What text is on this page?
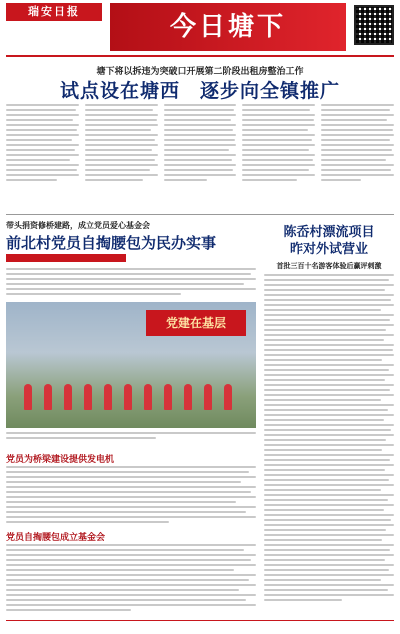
瑞安日报
今日塘下
塘下将以拆违为突破口开展第二阶段出租房整治工作
试点设在塘西　逐步向全镇推广
带头捐资修桥建路，成立党员爱心基金会
前北村党员自掏腰包为民办实事
党建在基层
党员为桥梁建设提供发电机
党员自掏腰包成立基金会
陈岙村漂流项目
昨对外试营业
首批三百十名游客体验后赢评刺激
